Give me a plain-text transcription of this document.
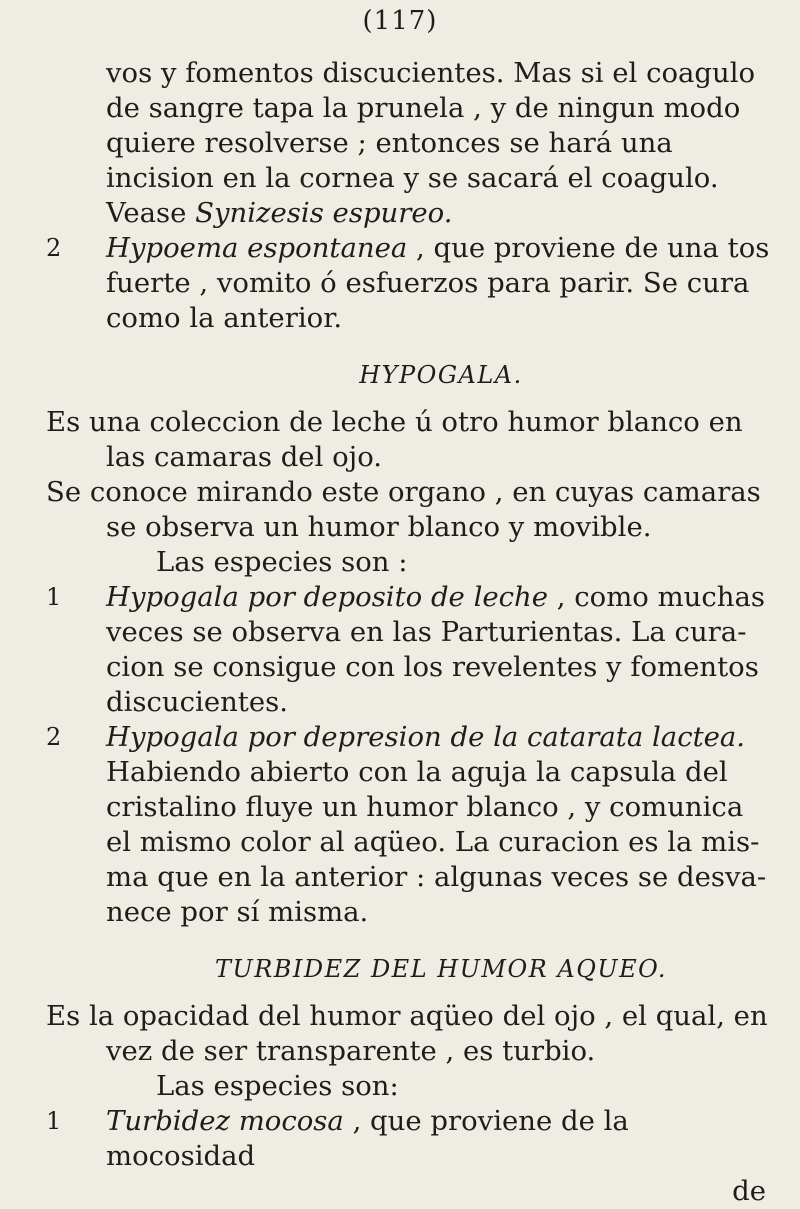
(117)

vos y fomentos discucientes. Mas si el coagulo de sangre tapa la prunela , y de ningun modo quiere resolverse ; entonces se hará una incision en la cornea y se sacará el coagulo. Vease Synizesis espureo.

2	Hypoema espontanea , que proviene de una tos fuerte , vomito ó esfuerzos para parir. Se cura como la anterior.

HYPOGALA.

Es una coleccion de leche ú otro humor blanco en las camaras del ojo.

Se conoce mirando este organo , en cuyas camaras se observa un humor blanco y movible.

Las especies son :

1	Hypogala por deposito de leche , como muchas veces se observa en las Parturientas. La cura-cion se consigue con los revelentes y fomentos discucientes.

2	Hypogala por depresion de la catarata lactea. Habiendo abierto con la aguja la capsula del cristalino fluye un humor blanco , y comunica el mismo color al aqüeo. La curacion es la mis-ma que en la anterior : algunas veces se desva-nece por sí misma.

TURBIDEZ DEL HUMOR AQUEO.

Es la opacidad del humor aqüeo del ojo , el qual, en vez de ser transparente , es turbio.

Las especies son:

1	Turbidez mocosa , que proviene de la mocosidad

de
